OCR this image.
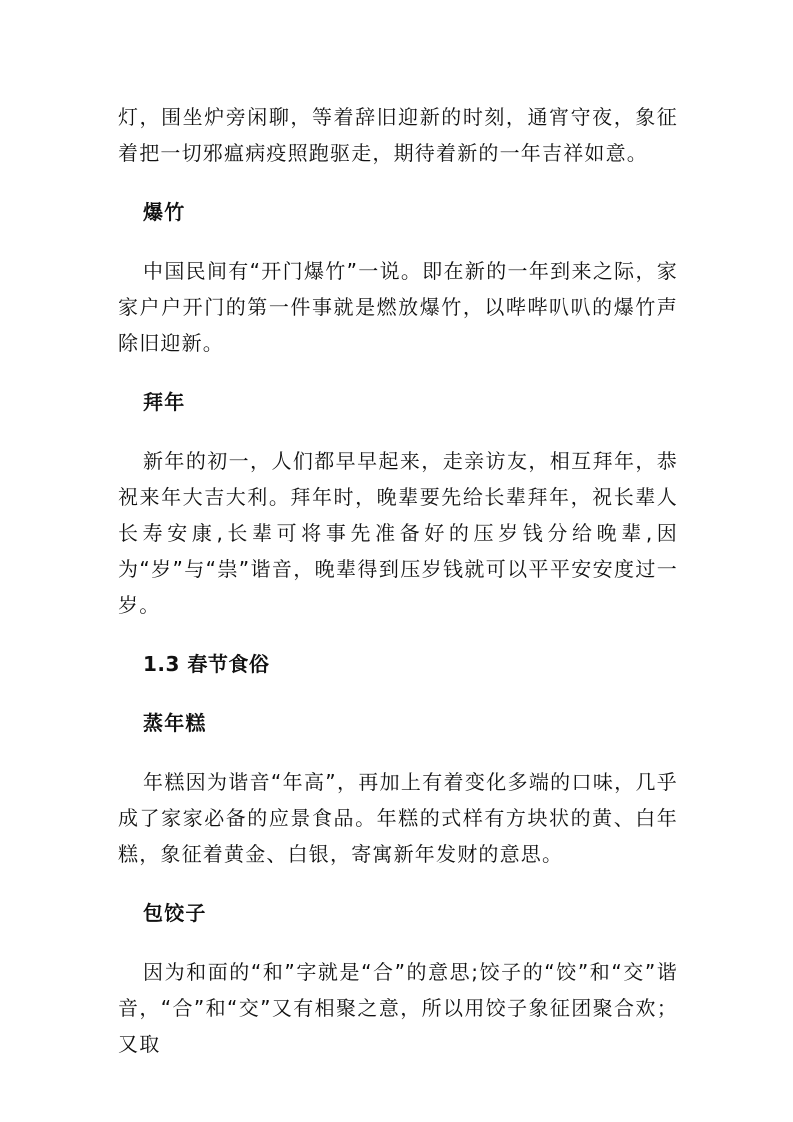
灯，围坐炉旁闲聊，等着辞旧迎新的时刻，通宵守夜，象征着把一切邪瘟病疫照跑驱走，期待着新的一年吉祥如意。

爆竹

中国民间有“开门爆竹”一说。即在新的一年到来之际，家家户户开门的第一件事就是燃放爆竹，以哔哔叭叭的爆竹声除旧迎新。

拜年

新年的初一，人们都早早起来，走亲访友，相互拜年，恭祝来年大吉大利。拜年时，晚辈要先给长辈拜年，祝长辈人长寿安康,长辈可将事先准备好的压岁钱分给晚辈,因为“岁”与“祟”谐音，晚辈得到压岁钱就可以平平安安度过一岁。

1.3 春节食俗
蒸年糕

年糕因为谐音“年高”，再加上有着变化多端的口味，几乎成了家家必备的应景食品。年糕的式样有方块状的黄、白年糕，象征着黄金、白银，寄寓新年发财的意思。

包饺子

因为和面的“和”字就是“合”的意思;饺子的“饺”和“交”谐音，“合”和“交”又有相聚之意，所以用饺子象征团聚合欢；又取
